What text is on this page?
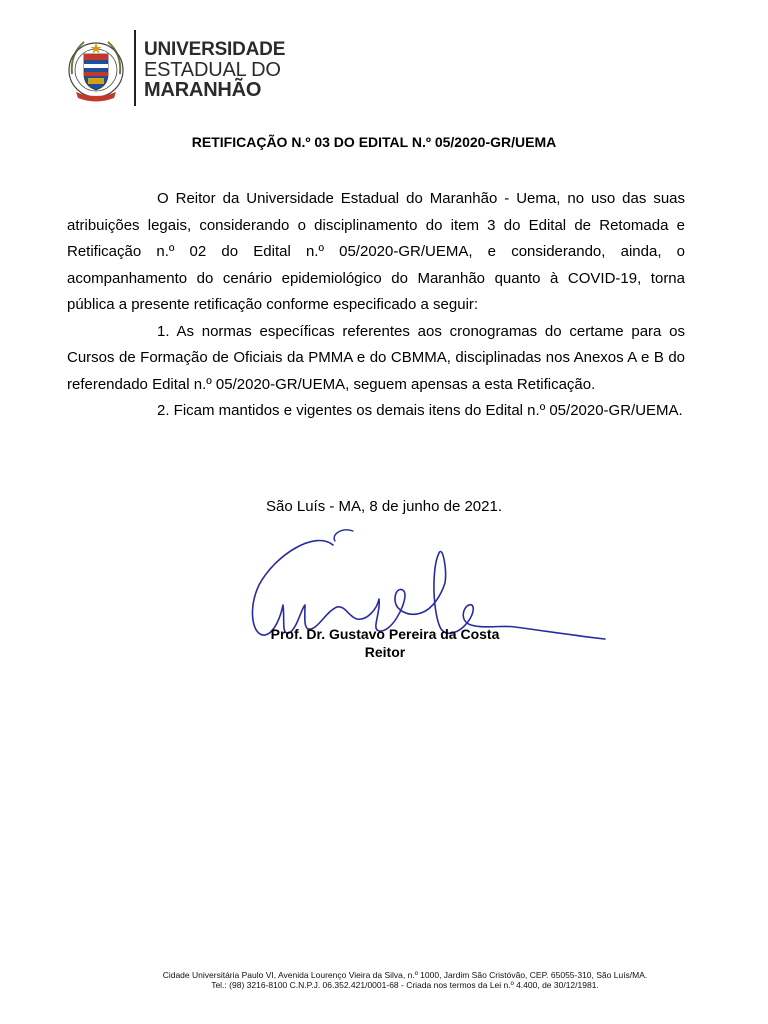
UNIVERSIDADE
ESTADUAL DO
MARANHÃO
RETIFICAÇÃO N.º 03 DO EDITAL N.º 05/2020-GR/UEMA

O Reitor da Universidade Estadual do Maranhão - Uema, no uso das suas atribuições legais, considerando o disciplinamento do item 3 do Edital de Retomada e Retificação n.º 02 do Edital n.º 05/2020-GR/UEMA, e considerando, ainda, o acompanhamento do cenário epidemiológico do Maranhão quanto à COVID-19, torna pública a presente retificação conforme especificado a seguir:

1. As normas específicas referentes aos cronogramas do certame para os Cursos de Formação de Oficiais da PMMA e do CBMMA, disciplinadas nos Anexos A e B do referendado Edital n.º 05/2020-GR/UEMA, seguem apensas a esta Retificação.

2. Ficam mantidos e vigentes os demais itens do Edital n.º 05/2020-GR/UEMA.

São Luís - MA, 8 de junho de 2021.
Prof. Dr. Gustavo Pereira da Costa
Reitor
Cidade Universitária Paulo VI, Avenida Lourenço Vieira da Silva, n.º 1000, Jardim São Cristóvão, CEP. 65055-310, São Luís/MA.
Tel.: (98) 3216-8100 C.N.P.J. 06.352.421/0001-68 - Criada nos termos da Lei n.º 4.400, de 30/12/1981.
